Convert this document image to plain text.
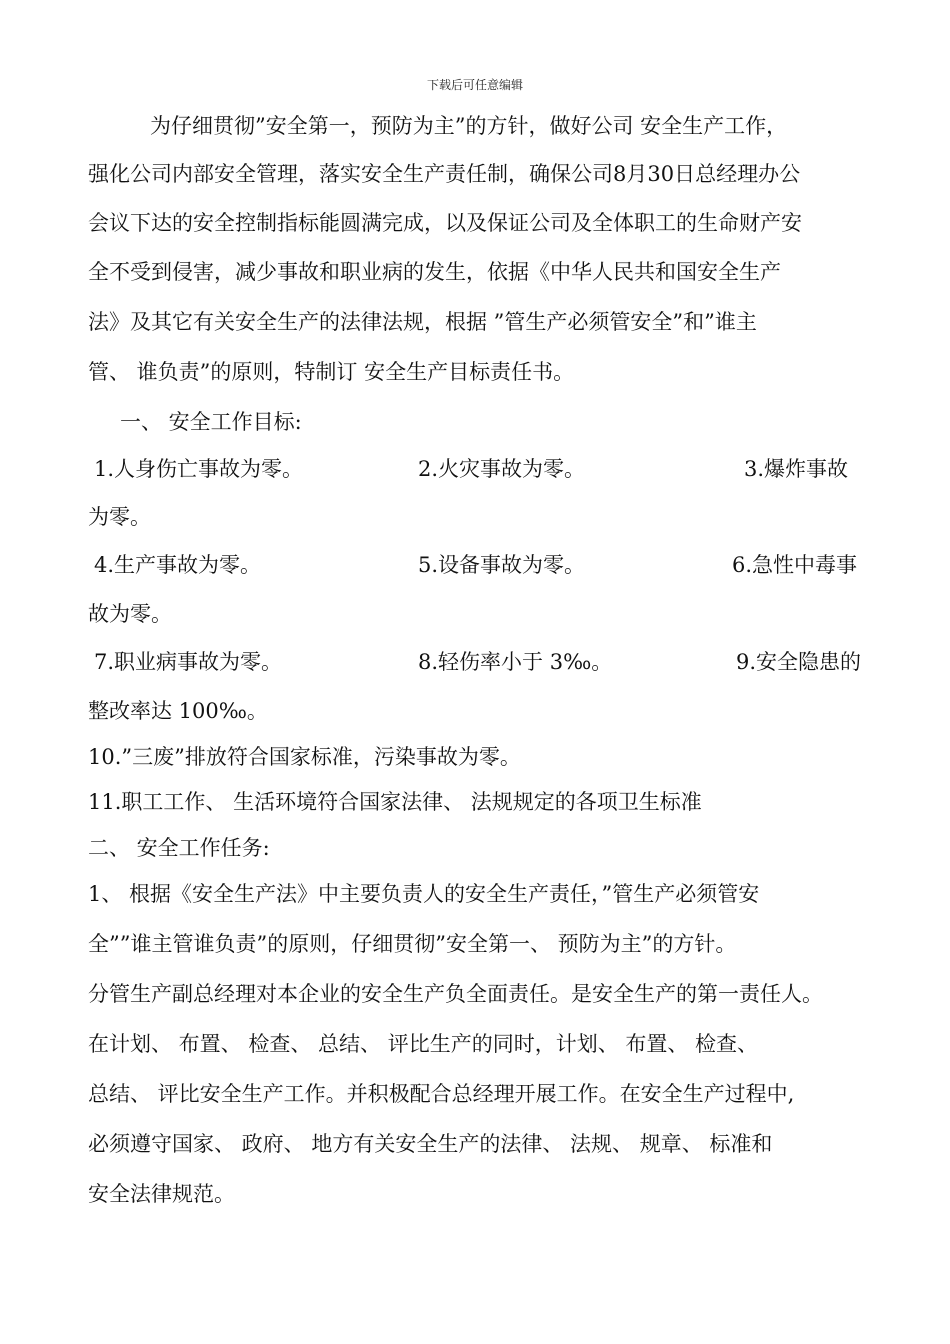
下载后可任意编辑
为仔细贯彻”安全第一，预防为主”的方针，做好公司 安全生产工作，
强化公司内部安全管理，落实安全生产责任制，确保公司8月30日总经理办公
会议下达的安全控制指标能圆满完成，以及保证公司及全体职工的生命财产安
全不受到侵害，减少事故和职业病的发生，依据《中华人民共和国安全生产
法》及其它有关安全生产的法律法规，根据 ”管生产必须管安全”和”谁主
管、 谁负责”的原则，特制订 安全生产目标责任书。
一、 安全工作目标:
1.人身伤亡事故为零。	2.火灾事故为零。	3.爆炸事故
为零。
4.生产事故为零。	5.设备事故为零。	6.急性中毒事
故为零。
7.职业病事故为零。	8.轻伤率小于 3‰。	9.安全隐患的
整改率达 100‰。
10.”三废”排放符合国家标准，污染事故为零。
11.职工工作、 生活环境符合国家法律、 法规规定的各项卫生标准
二、 安全工作任务:
1、 根据《安全生产法》中主要负责人的安全生产责任，”管生产必须管安
全””谁主管谁负责”的原则，仔细贯彻”安全第一、 预防为主”的方针。
分管生产副总经理对本企业的安全生产负全面责任。是安全生产的第一责任人。
在计划、 布置、 检查、 总结、 评比生产的同时，计划、 布置、 检查、
总结、 评比安全生产工作。并积极配合总经理开展工作。在安全生产过程中,
必须遵守国家、 政府、 地方有关安全生产的法律、 法规、 规章、 标准和
安全法律规范。
